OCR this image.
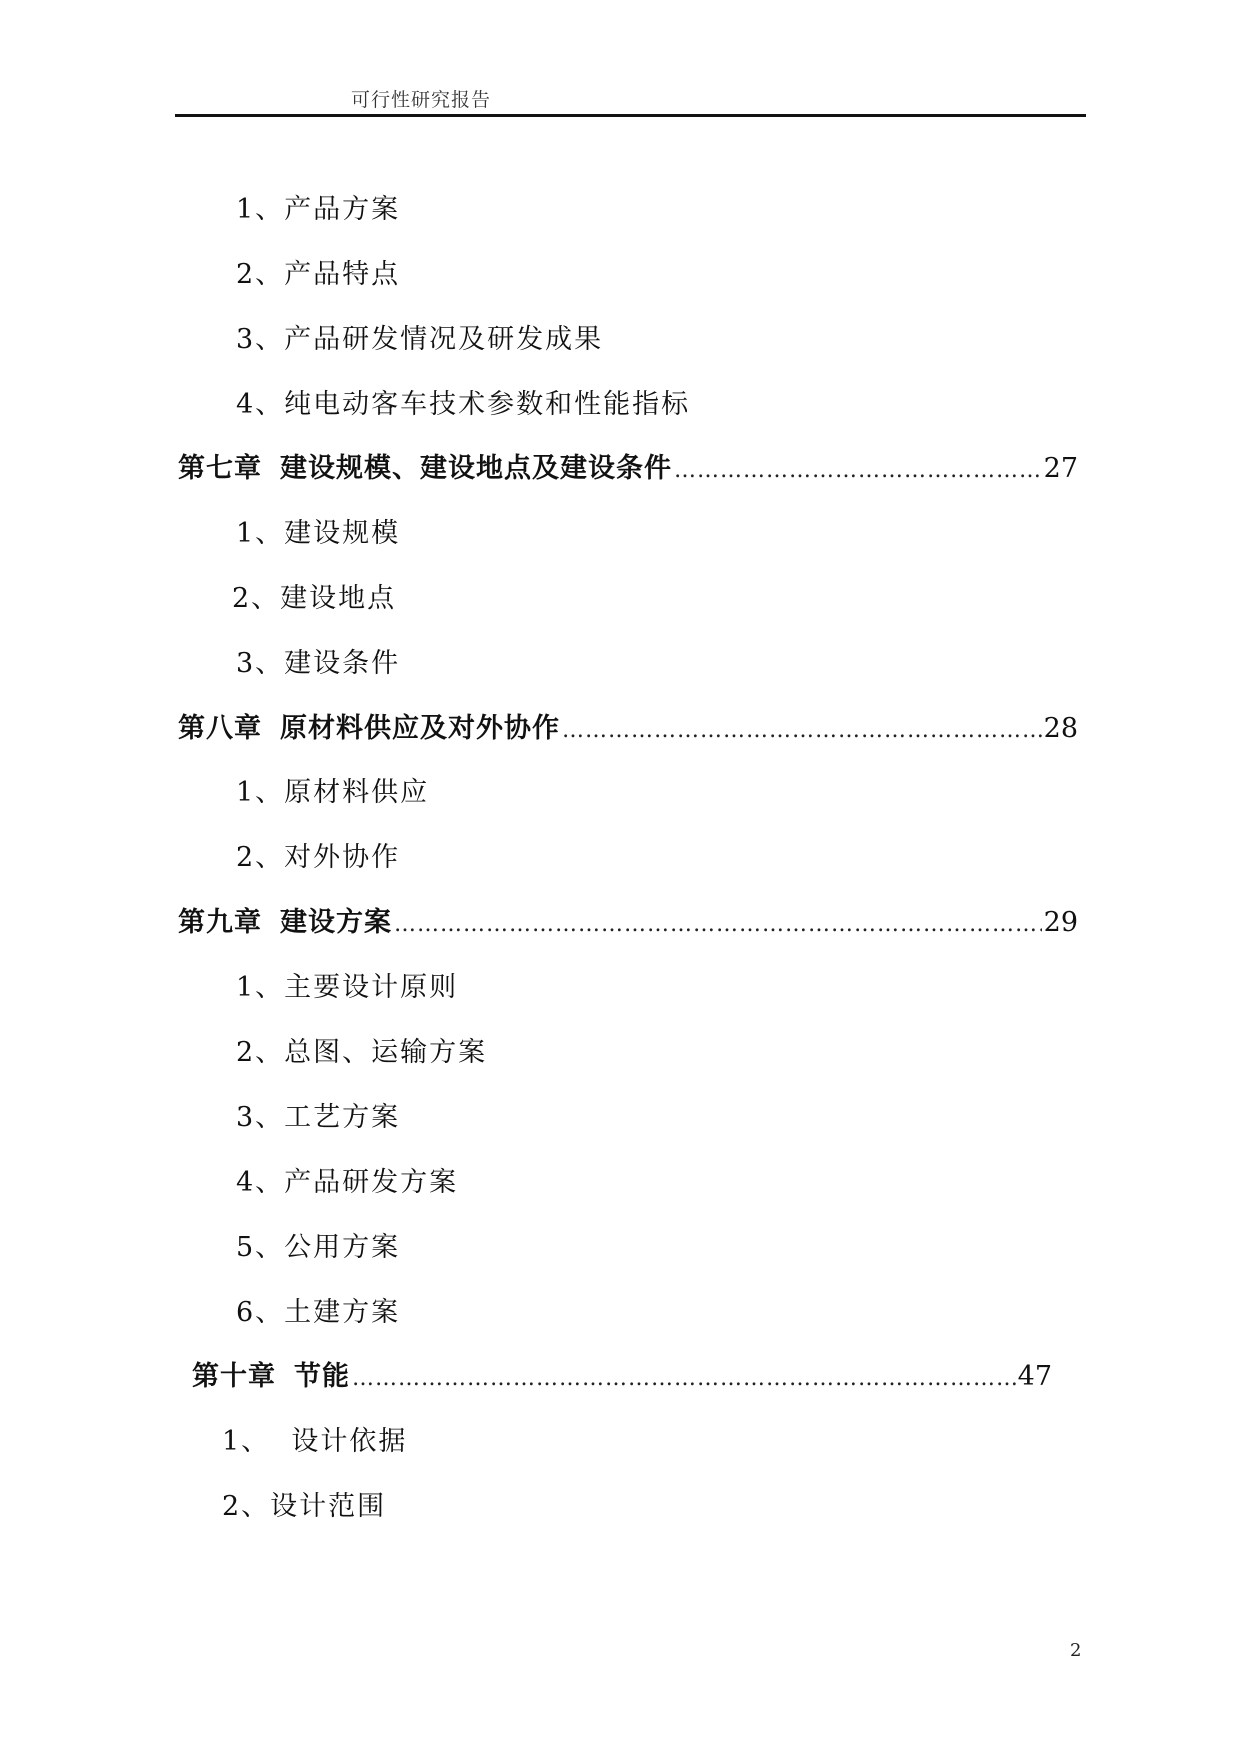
可行性研究报告
1、产品方案
2、产品特点
3、产品研发情况及研发成果
4、纯电动客车技术参数和性能指标
第七章 建设规模、建设地点及建设条件 ………………………………………………………………………………………………………………………………………………………	27
1、建设规模
2、建设地点
3、建设条件
第八章 原材料供应及对外协作 ………………………………………………………………………………………………………………………………………………………	28
1、原材料供应
2、对外协作
第九章 建设方案 ………………………………………………………………………………………………………………………………………………………	29
1、主要设计原则
2、总图、运输方案
3、工艺方案
4、产品研发方案
5、公用方案
6、土建方案
第十章 节能 ………………………………………………………………………………………………………………………………………………………	47
1、  设计依据
2、设计范围
2
